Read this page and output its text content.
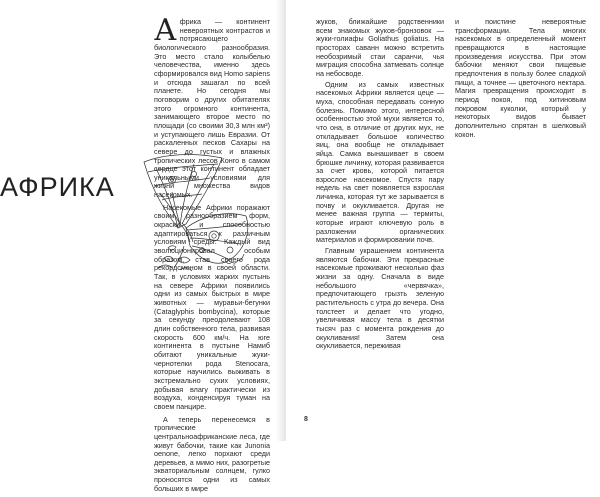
АФРИКА

Африка — континент невероятных контрастов и потрясающего биологического разнообразия. Это место стало колыбелью человечества, именно здесь сформировался вид Homo sapiens и отсюда зашагал по всей планете. Но сегодня мы поговорим о других обитателях этого огромного континента, занимающего второе место по площади (со своими 30,3 млн км²) и уступающего лишь Евразии. От раскаленных песков Сахары на севере до густых и влажных тропических лесов Конго в самом сердце этот континент обладает уникальными условиями для жизни множества видов насекомых.

Насекомые Африки поражают своим разнообразием форм, окраски и способностью адаптироваться к различным условиям среды. Каждый вид эволюционировал особым образом, став своего рода рекордсменом в своей области. Так, в условиях жарких пустынь на севере Африки появились одни из самых быстрых в мире животных — муравьи-бегунки (Cataglyphis bombycina), которые за секунду преодолевают 108 длин собственного тела, развивая скорость 600 км/ч. На юге континента в пустыне Намиб обитают уникальные жуки-чернотелки рода Stenocara, которые научились выживать в экстремально сухих условиях, добывая влагу практически из воздуха, конденсируя туман на своем панцире.

А теперь перенесемся в тропические центральноафриканские леса, где живут бабочки, такие как Junonia oenone, легко порхают среди деревьев, а мимо них, разогретые экваториальным солнцем, гулко проносятся одни из самых больших в мире

жуков, ближайшие родственники всем знакомых жуков-бронзовок — жуки-голиафы Goliathus goliatus. На просторах саванн можно встретить необозримый стаи саранчи, чья миграция способна затмевать солнце на небосводе.

Одним из самых известных насекомых Африки является цеце — муха, способная передавать сонную болезнь. Помимо этого, интересной особенностью этой мухи является то, что она, в отличие от других мух, не откладывает большое количество яиц, она вообще не откладывает яйца. Самка вынашивает в своем брюшке личинку, которая развивается за счет кровь, которой питается взрослое насекомое. Спустя пару недель на свет появляется взрослая личинка, которая тут же зарывается в почву и окукливается. Другая не менее важная группа — термиты, которые играют ключевую роль в разложении органических материалов и формировании почв.

Главным украшением континента являются бабочки. Эти прекрасные насекомые проживают несколько фаз жизни за одну. Сначала в виде небольшого «червячка», предпочитающего грызть зеленую растительность с утра до вечера. Она толстеет и делает что угодно, увеличивая массу тела в десятки тысяч раз с момента рождения до окукливания! Затем она окукливается, переживая

и поистине невероятные трансформации. Тела многих насекомых в определенный момент превращаются в настоящие произведения искусства. При этом бабочки меняют свои пищевые предпочтения в пользу более сладкой пищи, а точнее — цветочного нектара. Магия превращения происходит в период покоя, под хитиновым покровом куколки, который у некоторых видов бывает дополнительно спрятан в шелковый кокон.

8
